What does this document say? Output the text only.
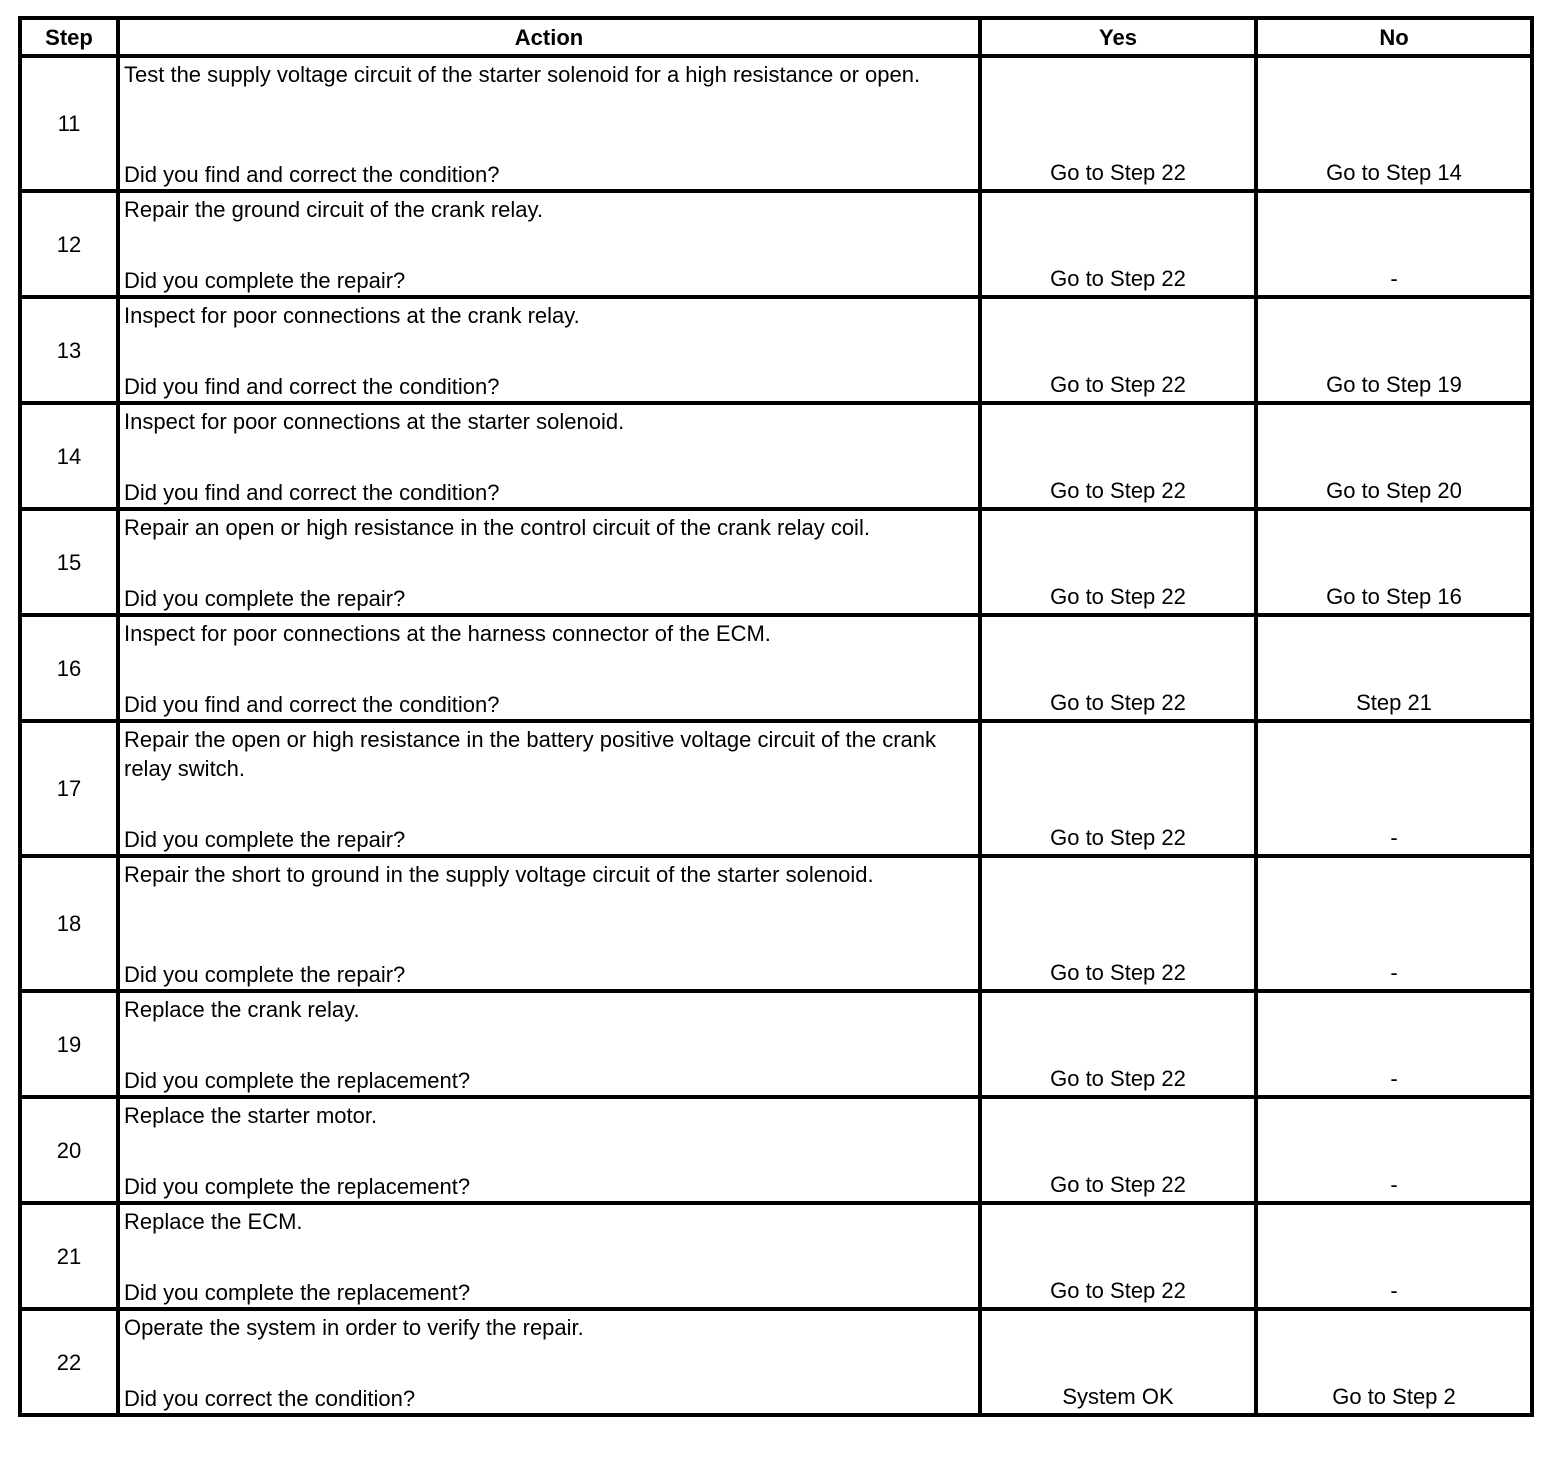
Step	Action	Yes	No
11	Test the supply voltage circuit of the starter solenoid for a high resistance or open.
Did you find and correct the condition?	Go to Step 22	Go to Step 14

12	Repair the ground circuit of the crank relay.
Did you complete the repair?	Go to Step 22	-

13	Inspect for poor connections at the crank relay.
Did you find and correct the condition?	Go to Step 22	Go to Step 19

14	Inspect for poor connections at the starter solenoid.
Did you find and correct the condition?	Go to Step 22	Go to Step 20

15	Repair an open or high resistance in the control circuit of the crank relay coil.
Did you complete the repair?	Go to Step 22	Go to Step 16

16	Inspect for poor connections at the harness connector of the ECM.
Did you find and correct the condition?	Go to Step 22	Step 21

17	Repair the open or high resistance in the battery positive voltage circuit of the crank relay switch.
Did you complete the repair?	Go to Step 22	-

18	Repair the short to ground in the supply voltage circuit of the starter solenoid.
Did you complete the repair?	Go to Step 22	-

19	Replace the crank relay.
Did you complete the replacement?	Go to Step 22	-

20	Replace the starter motor.
Did you complete the replacement?	Go to Step 22	-

21	Replace the ECM.
Did you complete the replacement?	Go to Step 22	-

22	Operate the system in order to verify the repair.
Did you correct the condition?	System OK	Go to Step 2
